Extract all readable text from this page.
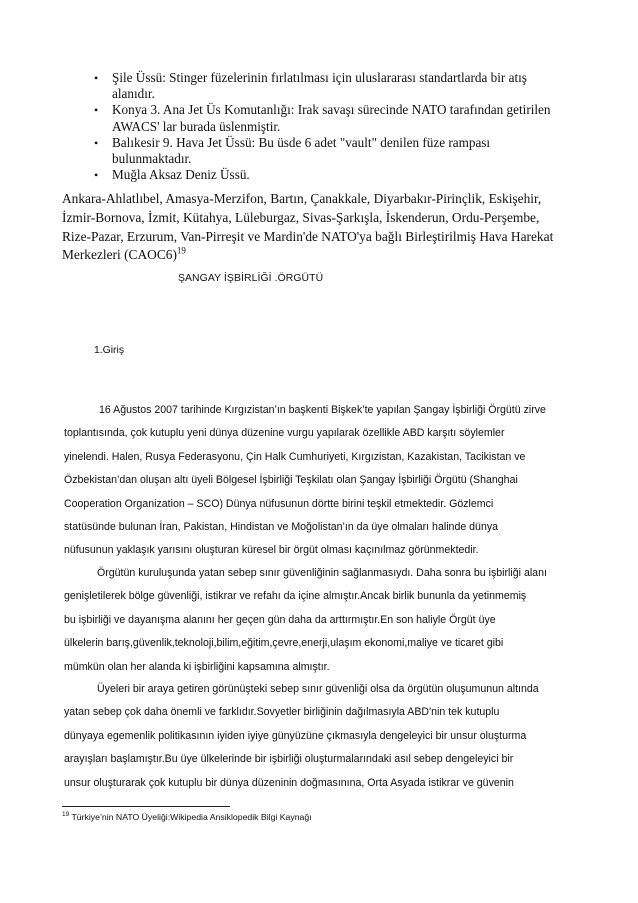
• Şile Üssü: Stinger füzelerinin fırlatılması için uluslararası standartlarda bir atış
alanıdır.
• Konya 3. Ana Jet Üs Komutanlığı: Irak savaşı sürecinde NATO tarafından getirilen
AWACS' lar burada üslenmiştir.
• Balıkesir 9. Hava Jet Üssü: Bu üsde 6 adet "vault" denilen füze rampası
bulunmaktadır.
• Muğla Aksaz Deniz Üssü.

Ankara-Ahlatlıbel, Amasya-Merzifon, Bartın, Çanakkale, Diyarbakır-Pirinçlik, Eskişehir,
İzmir-Bornova, İzmit, Kütahya, Lüleburgaz, Sivas-Şarkışla, İskenderun, Ordu-Perşembe,
Rize-Pazar, Erzurum, Van-Pirreşit ve Mardin'de NATO'ya bağlı Birleştirilmiş Hava Harekat
Merkezleri (CAOC6)$^{19}$

ŞANGAY İŞBİRLİĞİ .ÖRGÜTÜ
1.Giriş

16 Ağustos 2007 tarihinde Kırgızistan’ın başkenti Bişkek’te yapılan Şangay İşbirliği Örgütü zirve
toplantısında, çok kutuplu yeni dünya düzenine vurgu yapılarak özellikle ABD karşıtı söylemler
yinelendi. Halen, Rusya Federasyonu, Çin Halk Cumhuriyeti, Kırgızistan, Kazakistan, Tacikistan ve
Özbekistan’dan oluşan altı üyeli Bölgesel İşbirliği Teşkilatı olan Şangay İşbirliği Örgütü (Shanghai
Cooperation Organization – SCO) Dünya nüfusunun dörtte birini teşkil etmektedir. Gözlemci
statüsünde bulunan İran, Pakistan, Hindistan ve Moğolistan’ın da üye olmaları halinde dünya
nüfusunun yaklaşık yarısını oluşturan küresel bir örgüt olması kaçınılmaz görünmektedir.

Örgütün kuruluşunda yatan sebep sınır güvenliğinin sağlanmasıydı. Daha sonra bu işbirliği alanı
genişletilerek bölge güvenliği, istikrar ve refahı da içine almıştır.Ancak birlik bununla da yetinmemiş
bu işbirliği ve dayanışma alanını her geçen gün daha da arttırmıştır.En son haliyle Örgüt üye
ülkelerin barış,güvenlik,teknoloji,bilim,eğitim,çevre,enerji,ulaşım ekonomi,maliye ve ticaret gibi
mümkün olan her alanda ki işbirliğini kapsamına almıştır.

Üyeleri bir araya getiren görünüşteki sebep sınır güvenliği olsa da örgütün oluşumunun altında
yatan sebep çok daha önemli ve farklıdır.Sovyetler birliğinin dağılmasıyla ABD'nin tek kutuplu
dünyaya egemenlik politikasının iyiden iyiye günyüzüne çıkmasıyla dengeleyici bir unsur oluşturma
arayışları başlamıştır.Bu üye ülkelerinde bir işbirliği oluşturmalarındaki asıl sebep dengeleyici bir
unsur oluşturarak çok kutuplu bir dünya düzeninin doğmasınına, Orta Asyada istikrar ve güvenin

$^{19}$ Türkiye’nin NATO Üyeliği:Wikipedia Ansiklopedik Bilgi Kaynağı
